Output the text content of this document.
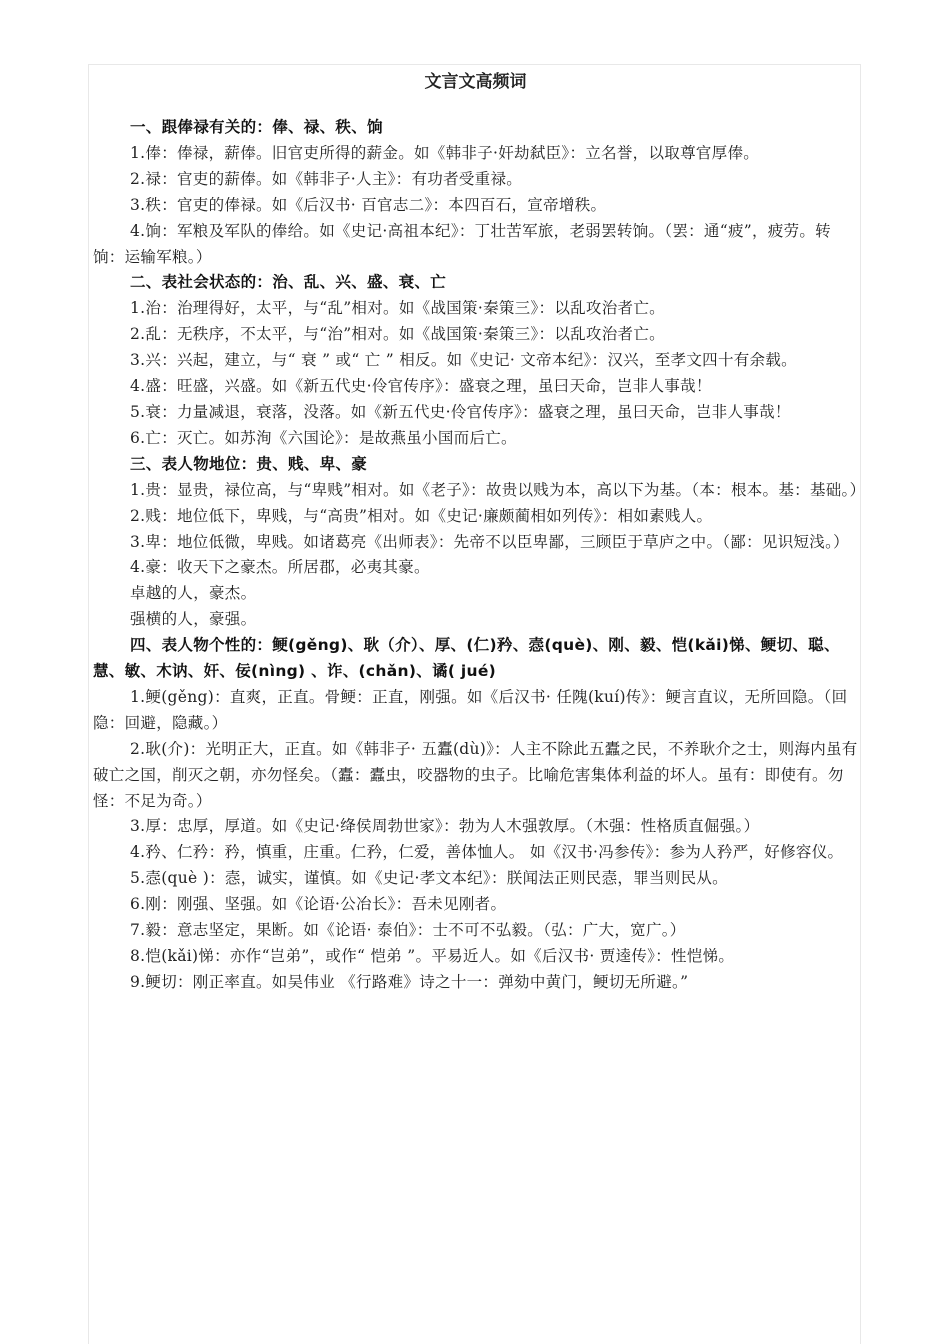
文言文高频词

一、跟俸禄有关的：俸、禄、秩、饷

1.俸：俸禄，薪俸。旧官吏所得的薪金。如《韩非子·奸劫弑臣》：立名誉，以取尊官厚俸。

2.禄：官吏的薪俸。如《韩非子·人主》：有功者受重禄。

3.秩：官吏的俸禄。如《后汉书· 百官志二》：本四百石，宣帝增秩。

4.饷：军粮及军队的俸给。如《史记·高祖本纪》：丁壮苦军旅，老弱罢转饷。（罢：通“疲”，疲劳。转饷：运输军粮。）

二、表社会状态的：治、乱、兴、盛、衰、亡

1.治：治理得好，太平，与“乱”相对。如《战国策·秦策三》：以乱攻治者亡。

2.乱：无秩序，不太平，与“治”相对。如《战国策·秦策三》：以乱攻治者亡。

3.兴：兴起，建立，与“ 衰 ” 或“ 亡 ” 相反。如《史记· 文帝本纪》：汉兴，至孝文四十有余载。

4.盛：旺盛，兴盛。如《新五代史·伶官传序》：盛衰之理，虽曰天命，岂非人事哉！

5.衰：力量减退，衰落，没落。如《新五代史·伶官传序》：盛衰之理，虽曰天命，岂非人事哉！

6.亡：灭亡。如苏洵《六国论》：是故燕虽小国而后亡。

三、表人物地位：贵、贱、卑、豪

1.贵：显贵，禄位高，与“卑贱”相对。如《老子》：故贵以贱为本，高以下为基。（本：根本。基：基础。）

2.贱：地位低下，卑贱，与“高贵”相对。如《史记·廉颇蔺相如列传》：相如素贱人。

3.卑：地位低微，卑贱。如诸葛亮《出师表》：先帝不以臣卑鄙，三顾臣于草庐之中。（鄙：见识短浅。）

4.豪：收天下之豪杰。所居郡，必夷其豪。

卓越的人，豪杰。

强横的人，豪强。

四、表人物个性的：鲠(gěng)、耿（介）、厚、(仁)矜、悫(què)、刚、毅、恺(kǎi)悌、鲠切、聪、慧、敏、木讷、奸、佞(nìng) 、诈、(chǎn)、谲( jué)

1.鲠(gěng)：直爽，正直。骨鲠：正直，刚强。如《后汉书· 任隗(kuí)传》：鲠言直议，无所回隐。（回隐：回避，隐藏。）

2.耿(介)：光明正大，正直。如《韩非子· 五蠹(dù)》：人主不除此五蠹之民，不养耿介之士，则海内虽有破亡之国，削灭之朝，亦勿怪矣。（蠹：蠹虫，咬器物的虫子。比喻危害集体利益的坏人。虽有：即使有。勿怪：不足为奇。）

3.厚：忠厚，厚道。如《史记·绛侯周勃世家》：勃为人木强敦厚。（木强：性格质直倔强。）

4.矜、仁矜：矜，慎重，庄重。仁矜，仁爱，善体恤人。 如《汉书·冯参传》：参为人矜严，好修容仪。

5.悫(què )：悫，诚实，谨慎。如《史记·孝文本纪》：朕闻法正则民悫，罪当则民从。

6.刚：刚强、坚强。如《论语·公冶长》：吾未见刚者。

7.毅：意志坚定，果断。如《论语· 泰伯》：士不可不弘毅。（弘：广大，宽广。）

8.恺(kǎi)悌：亦作“岂弟”，或作“ 恺弟 ”。平易近人。如《后汉书· 贾逵传》：性恺悌。

9.鲠切：刚正率直。如吴伟业 《行路难》诗之十一：弹劾中黄门，鲠切无所避。”
